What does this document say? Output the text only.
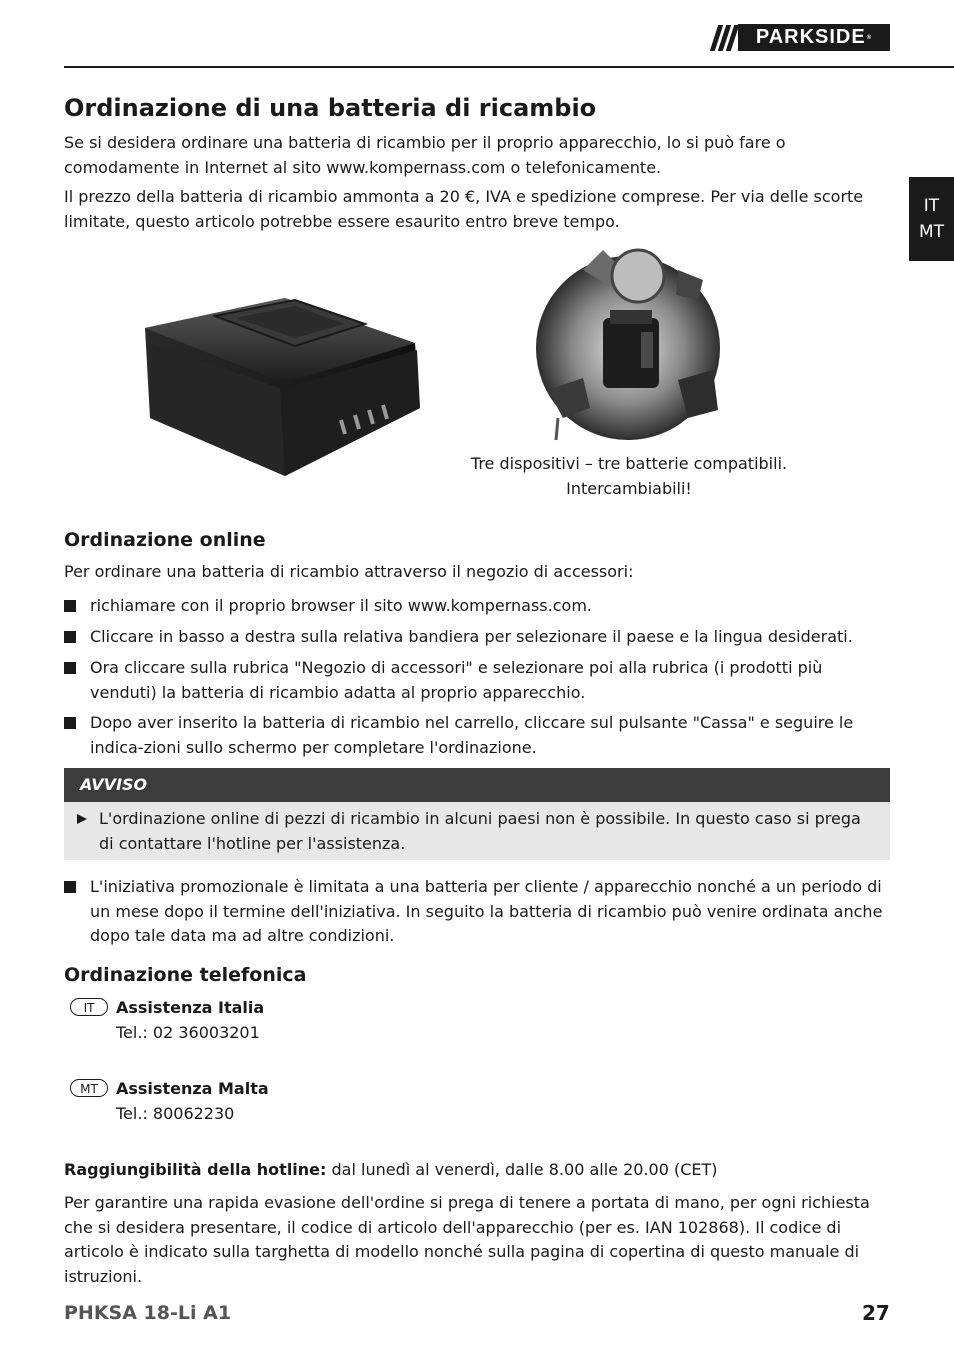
PARKSIDE ®
IT
MT
Ordinazione di una batteria di ricambio
Se si desidera ordinare una batteria di ricambio per il proprio apparecchio, lo si può fare o comodamente in Internet al sito www.kompernass.com o telefonicamente.
Il prezzo della batteria di ricambio ammonta a 20 €, IVA e spedizione comprese. Per via delle scorte limitate, questo articolo potrebbe essere esaurito entro breve tempo.
Tre dispositivi – tre batterie compatibili.
Intercambiabili!
Ordinazione online
Per ordinare una batteria di ricambio attraverso il negozio di accessori:
richiamare con il proprio browser il sito www.kompernass.com.
Cliccare in basso a destra sulla relativa bandiera per selezionare il paese e la lingua desiderati.
Ora cliccare sulla rubrica "Negozio di accessori" e selezionare poi alla rubrica (i prodotti più venduti) la batteria di ricambio adatta al proprio apparecchio.
Dopo aver inserito la batteria di ricambio nel carrello, cliccare sul pulsante "Cassa" e seguire le indica-zioni sullo schermo per completare l'ordinazione.
AVVISO
L'ordinazione online di pezzi di ricambio in alcuni paesi non è possibile. In questo caso si prega di contattare l'hotline per l'assistenza.
L'iniziativa promozionale è limitata a una batteria per cliente / apparecchio nonché a un periodo di un mese dopo il termine dell'iniziativa. In seguito la batteria di ricambio può venire ordinata anche dopo tale data ma ad altre condizioni.
Ordinazione telefonica
IT	Assistenza Italia
Tel.: 02 36003201
MT	Assistenza Malta
Tel.: 80062230
Raggiungibilità della hotline: dal lunedì al venerdì, dalle 8.00 alle 20.00 (CET)
Per garantire una rapida evasione dell'ordine si prega di tenere a portata di mano, per ogni richiesta che si desidera presentare, il codice di articolo dell'apparecchio (per es. IAN 102868). Il codice di articolo è indicato sulla targhetta di modello nonché sulla pagina di copertina di questo manuale di istruzioni.
PHKSA 18-Li A1	27
